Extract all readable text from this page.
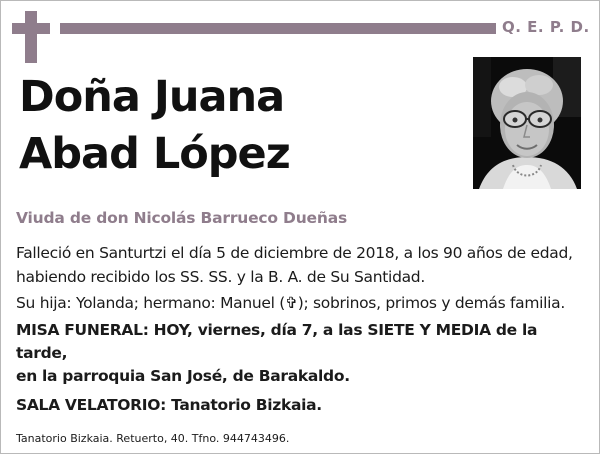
Q. E. P. D.
Doña Juana
Abad López
Viuda de don Nicolás Barrueco Dueñas

Falleció en Santurtzi el día 5 de diciembre de 2018, a los 90 años de edad,
habiendo recibido los SS. SS. y la B. A. de Su Santidad.

Su hija: Yolanda; hermano: Manuel (✞); sobrinos, primos y demás familia.

MISA FUNERAL: HOY, viernes, día 7, a las SIETE Y MEDIA de la tarde,
en la parroquia San José, de Barakaldo.

SALA VELATORIO: Tanatorio Bizkaia.

Tanatorio Bizkaia. Retuerto, 40. Tfno. 944743496.
